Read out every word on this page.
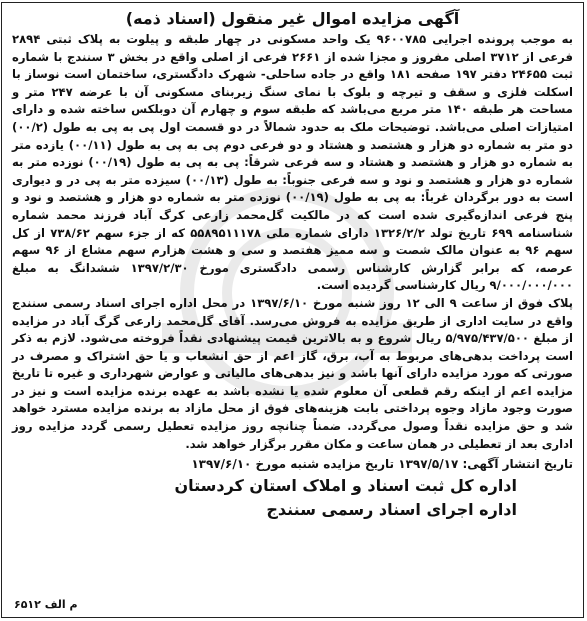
آگهی مزایده اموال غیر منقول (اسناد ذمه)

به موجب پرونده اجرایی ۹۶۰۰۷۸۵ یک واحد مسکونی در چهار طبقه و پیلوت به پلاک ثبتی ۲۸۹۴ فرعی از ۳۷۱۲ اصلی مفروز و مجزا شده از ۲۶۶۱ فرعی از اصلی واقع در بخش ۳ سنندج با شماره ثبت ۲۴۶۵۵ دفتر ۱۹۷ صفحه ۱۸۱ واقع در جاده ساحلی- شهرک دادگستری، ساختمان است نوساز با اسکلت فلزی و سقف و تیرچه و بلوک با نمای سنگ زیربنای مسکونی آن با عرضه ۲۴۷ متر و مساحت هر طبقه ۱۴۰ متر مربع می‌باشد که طبقه سوم و چهارم آن دوبلکس ساخته شده و دارای امتیازات اصلی می‌باشد. توضیحات ملک به حدود شمالاً در دو قسمت اول پی به پی به طول (۰۰/۲) دو متر به شماره دو هزار و هشتصد و هشتاد و دو فرعی دوم پی به پی به طول (۰۰/۱۱) یازده متر به شماره دو هزار و هشتصد و هشتاد و سه فرعی شرقاً: پی به پی به طول (۰۰/۱۹) نوزده متر به شماره دو هزار و هشتصد و نود و سه فرعی جنوباً: به طول (۰۰/۱۳) سیزده متر به پی در و دیواری است به دور برگردان غرباً: به پی به طول (۰۰/۱۹) نوزده متر به شماره دو هزار و هشتصد و نود و پنج فرعی اندازه‌گیری شده است که در مالکیت گل‌محمد زارعی کرگ آباد فرزند محمد شماره شناسنامه ۶۹۹ تاریخ تولد ۱۳۲۶/۲/۲ دارای شماره ملی ۵۵۸۹۵۱۱۱۷۸ که از جزء سهم ۷۳۸/۶۲ از کل سهم ۹۶ به عنوان مالک شصت و سه ممیز هفتصد و سی و هشت هزارم سهم مشاع از ۹۶ سهم عرصه، که برابر گزارش کارشناس رسمی دادگستری مورخ ۱۳۹۷/۲/۳۰ ششدانگ به مبلغ ۹/۰۰۰/۰۰۰/۰۰۰ ریال کارشناسی گردیده است.

پلاک فوق از ساعت ۹ الی ۱۲ روز شنبه مورخ ۱۳۹۷/۶/۱۰ در محل اداره اجرای اسناد رسمی سنندج واقع در سایت اداری از طریق مزایده به فروش می‌رسد. آقای گل‌محمد زارعی گرگ آباد در مزایده از مبلغ ۵/۹۷۵/۴۳۷/۵۰۰ ریال شروع و به بالاترین قیمت پیشنهادی نقداً فروخته می‌شود. لازم به ذکر است پرداخت بدهی‌های مربوط به آب، برق، گاز اعم از حق انشعاب و یا حق اشتراک و مصرف در صورتی که مورد مزایده دارای آنها باشد و نیز بدهی‌های مالیاتی و عوارض شهرداری و غیره تا تاریخ مزایده اعم از اینکه رقم قطعی آن معلوم شده یا نشده باشد به عهده برنده مزایده است و نیز در صورت وجود مازاد وجوه پرداختی بابت هزینه‌های فوق از محل مازاد به برنده مزایده مسترد خواهد شد و حق مزایده نقداً وصول می‌گردد. ضمناً چنانچه روز مزایده تعطیل رسمی گردد مزایده روز اداری بعد از تعطیلی در همان ساعت و مکان مقرر برگزار خواهد شد.

تاریخ انتشار آگهی: ۱۳۹۷/۵/۱۷ تاریخ مزایده شنبه مورخ ۱۳۹۷/۶/۱۰
اداره کل ثبت اسناد و املاک استان کردستان
اداره اجرای اسناد رسمی سنندج
م الف ۶۵۱۲
